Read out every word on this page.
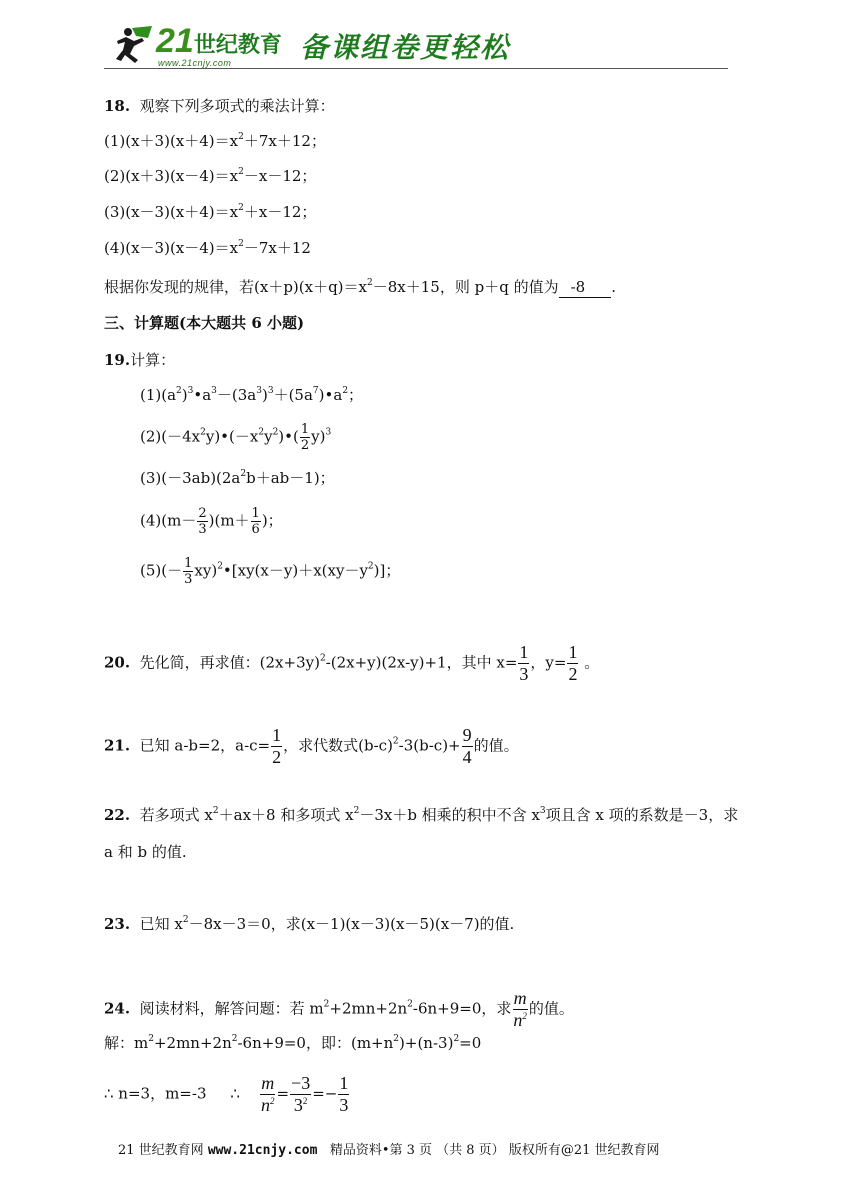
21世纪教育
www.21cnjy.com 备课组卷更轻松
18. 观察下列多项式的乘法计算：
$(1)(x+3)(x+4)=x^2+7x+12$；
$(2)(x+3)(x-4)=x^2-x-12$；
$(3)(x-3)(x+4)=x^2+x-12$；
$(4)(x-3)(x-4)=x^2-7x+12$
根据你发现的规律，若$(x+p)(x+q)=x^2-8x+15$，则 p＋q 的值为 -8 .
三、计算题(本大题共 6 小题)
19.计算：
$(1)(a^2)^3•a^3-(3a^3)^3+(5a^7)•a^2$；
$(2)(-4x^2y)•(-x^2y^2)•( \frac{1}{2} y)^3$
$(3)(-3ab)(2a^2b+ab-1)$；
$(4)(m- \frac{2}{3} )(m+ \frac{1}{6}$ )；
$(5)(- \frac{1}{3}$ $xy)^2•[xy(x-y)+x(xy-y^2)]$；
20. 先化简，再求值：$(2x+3y)^2-(2x+y)(2x-y)+1$，其中 $x= \frac{1}{3}$ ，$y= \frac{1}{2}$ 。
21. 已知 a-b=2，$a-c= \frac{1}{2}$ ，求代数式$(b-c)^2-3(b-c)+ \frac{9}{4}$ 的值。
22. 若多项式 $x^2+ax+8$ 和多项式 $x^2-3x+b$ 相乘的积中不含 $x^3$项且含 x 项的系数是－3，求
a 和 b 的值.
23. 已知 $x^2-8x-3=0$，求(x－1)(x－3)(x－5)(x－7)的值.
24. 阅读材料，解答问题：若 $m^2+2mn+2n^2-6n+9=0$，求 $\frac{m}{n^2}$ 的值。
解：$m^2+2mn+2n^2-6n+9=0$，即：$(m+n^2)+(n-3)^2=0$
∴ n=3，m=-3 ∴ $\frac{m}{n^2} = \frac{-3}{3^2} =- \frac{1}{3}$
21 世纪教育网 www.21cnjy.com 精品资料•第 3 页 （共 8 页） 版权所有@21 世纪教育网
